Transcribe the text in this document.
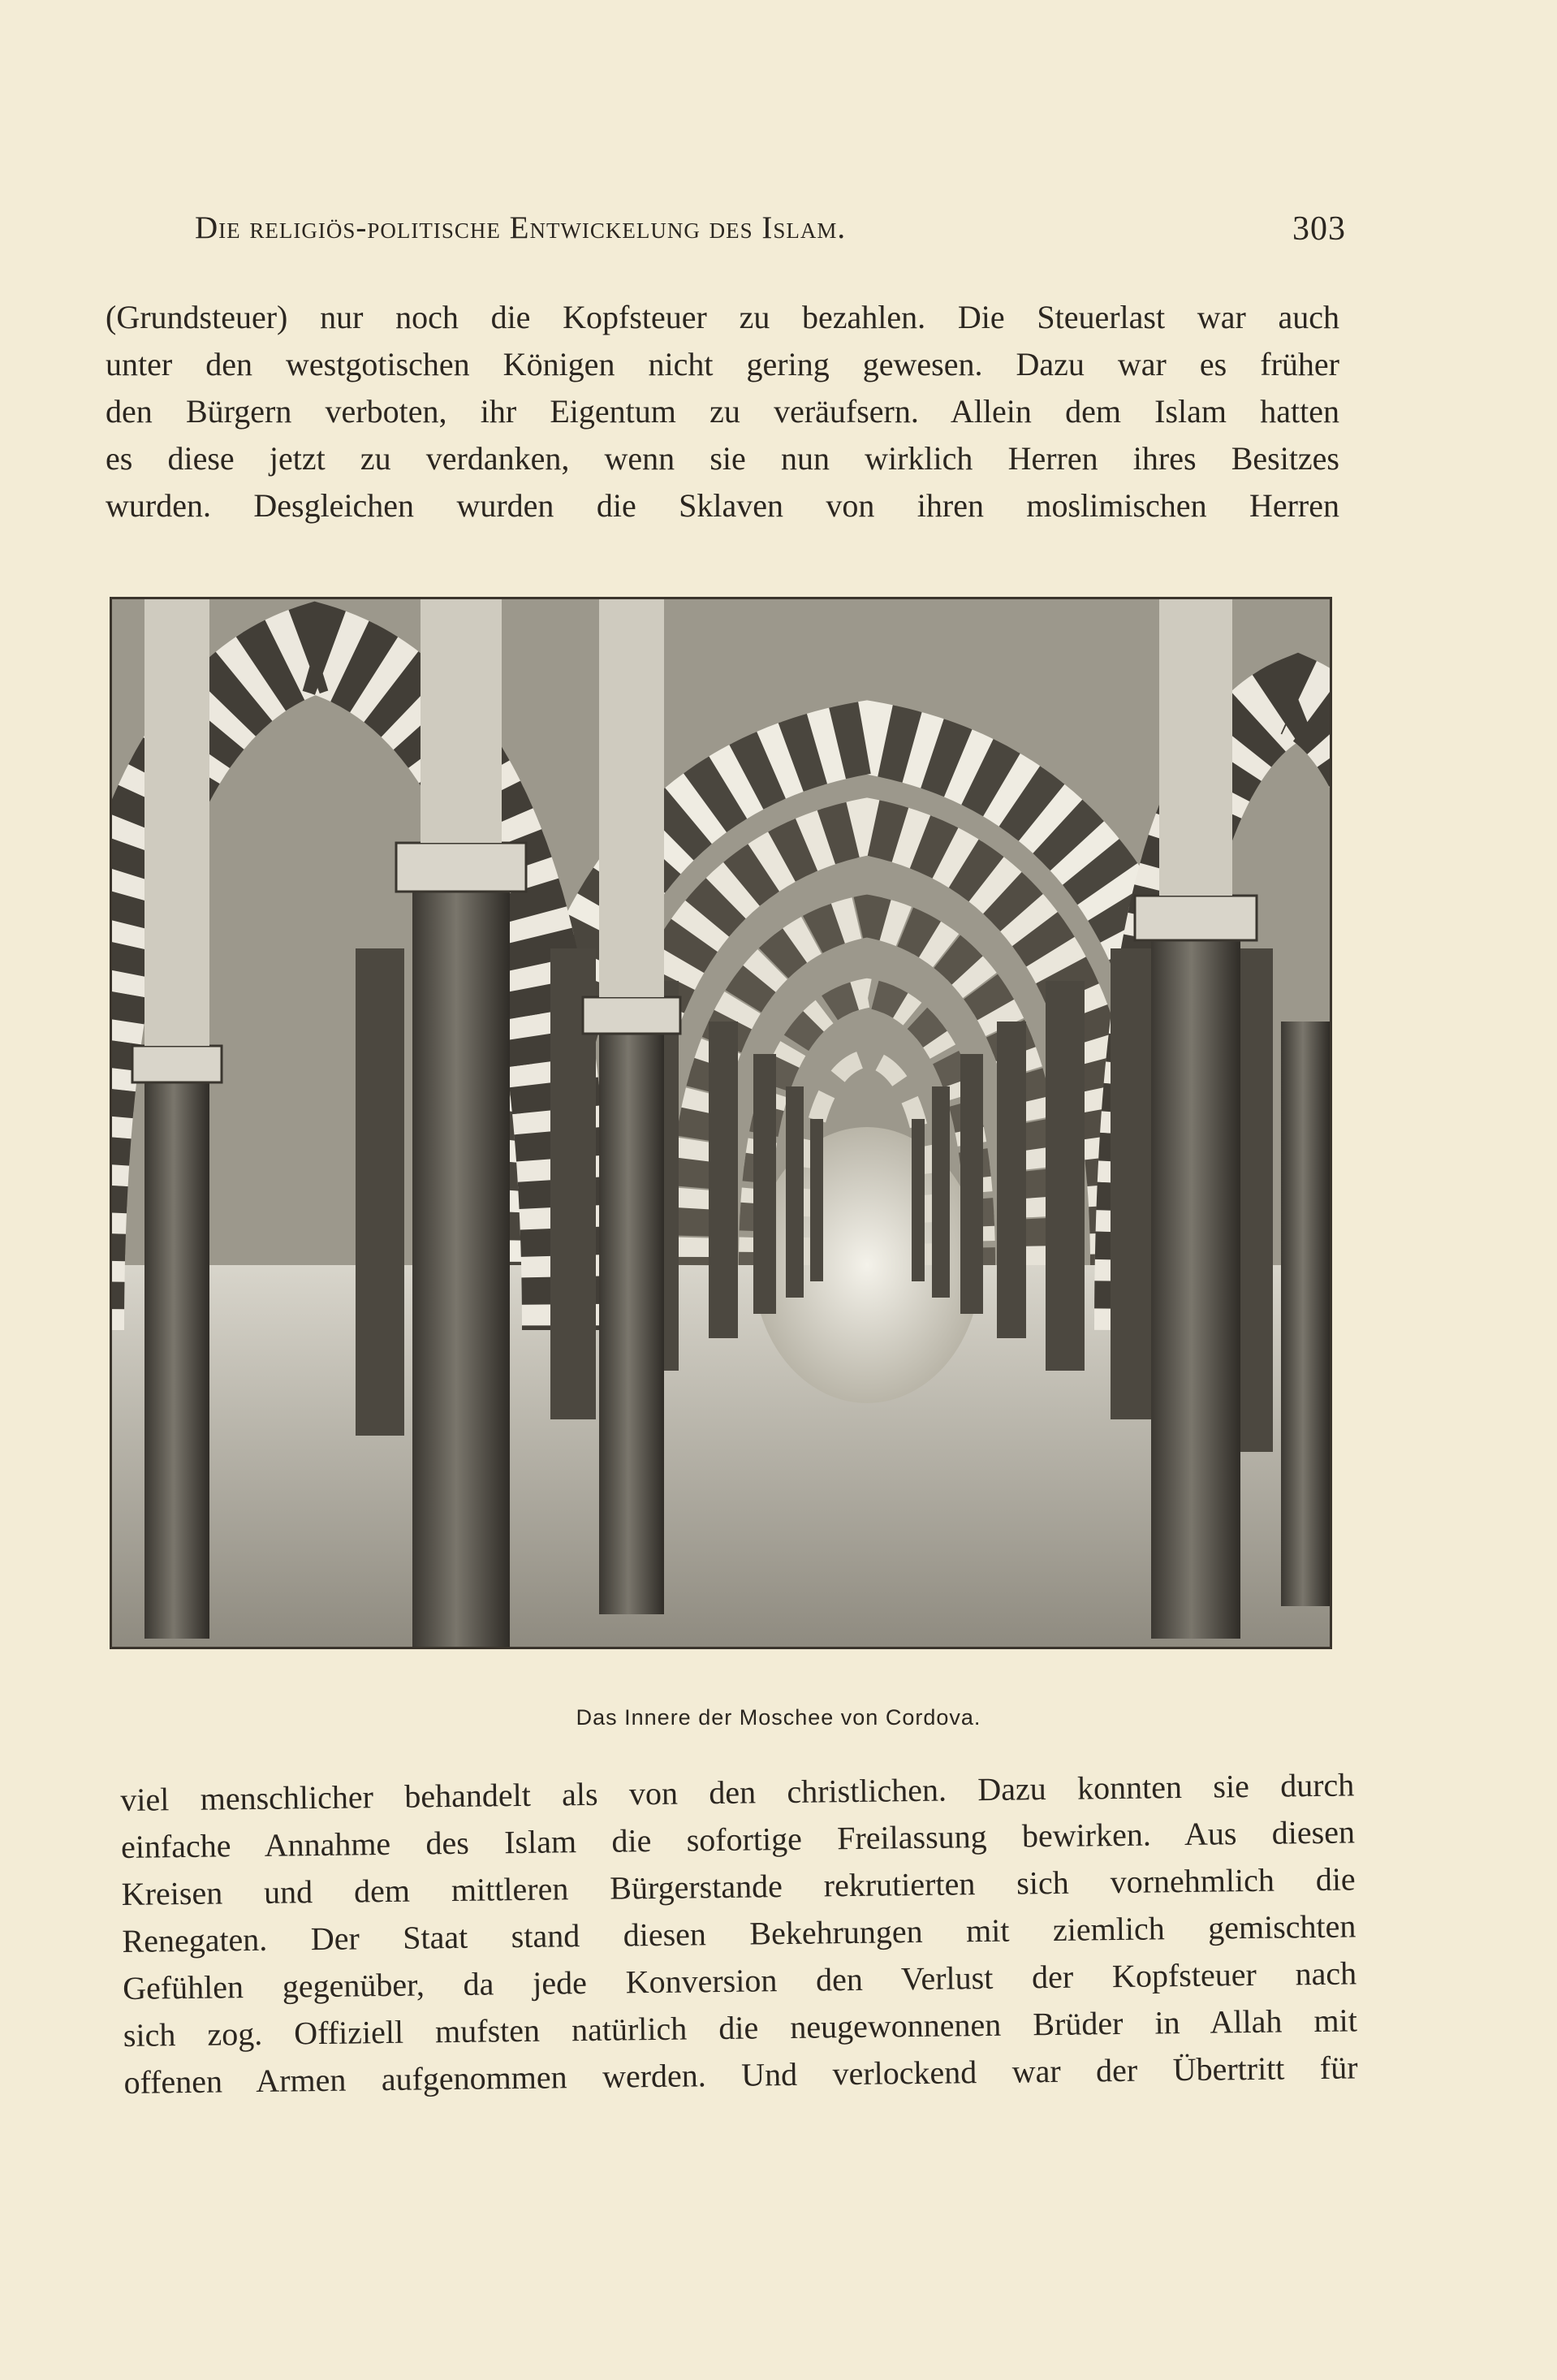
Die religiös-politische Entwickelung des Islam.	303

(Grundsteuer) nur noch die Kopfsteuer zu bezahlen. Die Steuerlast war auch
unter den westgotischen Königen nicht gering gewesen. Dazu war es früher
den Bürgern verboten, ihr Eigentum zu veräufsern. Allein dem Islam hatten
es diese jetzt zu verdanken, wenn sie nun wirklich Herren ihres Besitzes
wurden. Desgleichen wurden die Sklaven von ihren moslimischen Herren

Das Innere der Moschee von Cordova.

viel menschlicher behandelt als von den christlichen. Dazu konnten sie durch
einfache Annahme des Islam die sofortige Freilassung bewirken. Aus diesen
Kreisen und dem mittleren Bürgerstande rekrutierten sich vornehmlich die
Renegaten. Der Staat stand diesen Bekehrungen mit ziemlich gemischten
Gefühlen gegenüber, da jede Konversion den Verlust der Kopfsteuer nach
sich zog. Offiziell mufsten natürlich die neugewonnenen Brüder in Allah mit
offenen Armen aufgenommen werden. Und verlockend war der Übertritt für
